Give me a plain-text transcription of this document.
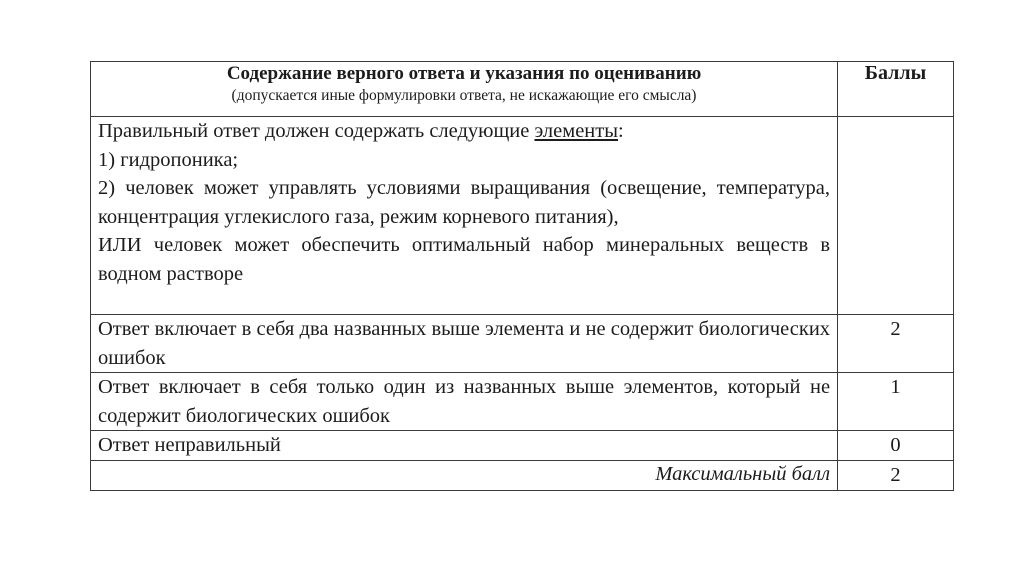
Содержание верного ответа и указания по оцениванию
(допускается иные формулировки ответа, не искажающие его смысла)	Баллы

Правильный ответ должен содержать следующие элементы:
1) гидропоника;
2) человек может управлять условиями выращивания (освещение, температура, концентрация углекислого газа, режим корневого питания),
ИЛИ человек может обеспечить оптимальный набор минеральных веществ в водном растворе	

Ответ включает в себя два названных выше элемента и не содержит биологических ошибок	2
Ответ включает в себя только один из названных выше элементов, который не содержит биологических ошибок	1
Ответ неправильный	0
Максимальный балл	2
